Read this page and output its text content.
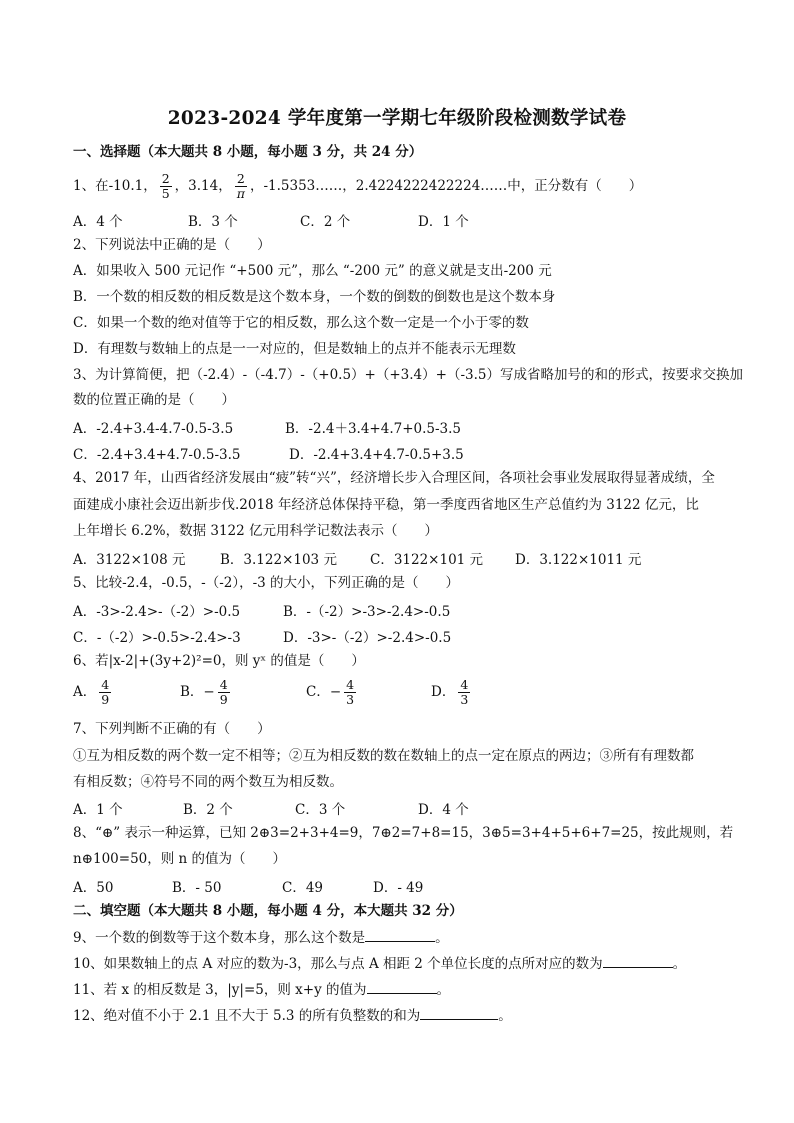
2023-2024 学年度第一学期七年级阶段检测数学试卷
一、选择题（本大题共 8 小题，每小题 3 分，共 24 分）
1、在-10.1， $\frac{2}{5}$ ，3.14， $\frac{2}{\pi}$ ，-1.5353……，2.4224222422224……中，正分数有（　　）
A．4 个	B．3 个	C．2 个	D．1 个
2、下列说法中正确的是（　　）
A．如果收入 500 元记作 “+500 元”，那么 “-200 元” 的意义就是支出-200 元
B．一个数的相反数的相反数是这个数本身，一个数的倒数的倒数也是这个数本身
C．如果一个数的绝对值等于它的相反数，那么这个数一定是一个小于零的数
D．有理数与数轴上的点是一一对应的，但是数轴上的点并不能表示无理数
3、为计算简便，把（-2.4）-（-4.7）-（+0.5）+（+3.4）+（-3.5）写成省略加号的和的形式，按要求交换加
数的位置正确的是（　　）
A．-2.4+3.4-4.7-0.5-3.5	B．-2.4＋3.4+4.7+0.5-3.5
C．-2.4+3.4+4.7-0.5-3.5	D．-2.4+3.4+4.7-0.5+3.5
4、2017 年，山西省经济发展由“疲”转“兴”，经济增长步入合理区间，各项社会事业发展取得显著成绩，全
面建成小康社会迈出新步伐.2018 年经济总体保持平稳，第一季度西省地区生产总值约为 3122 亿元，比
上年增长 6.2%，数据 3122 亿元用科学记数法表示（　　）
A．3122×108 元	B．3.122×103 元 C．3122×101 元 D．3.122×1011 元
5、比较-2.4，-0.5，-（-2），-3 的大小，下列正确的是（　　）
A．-3>-2.4>-（-2）>-0.5	B．-（-2）>-3>-2.4>-0.5
C．-（-2）>-0.5>-2.4>-3	D．-3>-（-2）>-2.4>-0.5
6、若|x-2|+(3y+2)²=0，则 yˣ 的值是（　　）
A． $\frac{4}{9}$	B．− $\frac{4}{9}$	C．− $\frac{4}{3}$	D． $\frac{4}{3}$
7、下列判断不正确的有（　　）
①互为相反数的两个数一定不相等；②互为相反数的数在数轴上的点一定在原点的两边；③所有有理数都
有相反数；④符号不同的两个数互为相反数。
A．1 个	B．2 个	C．3 个	D．4 个
8、“⊕” 表示一种运算，已知 2⊕3=2+3+4=9，7⊕2=7+8=15，3⊕5=3+4+5+6+7=25，按此规则，若
n⊕100=50，则 n 的值为（　　）
A．50	B．- 50	C．49	D．- 49
二、填空题（本大题共 8 小题，每小题 4 分，本大题共 32 分）
9、一个数的倒数等于这个数本身，那么这个数是	。
10、如果数轴上的点 A 对应的数为-3，那么与点 A 相距 2 个单位长度的点所对应的数为	。
11、若 x 的相反数是 3，|y|=5，则 x+y 的值为	。
12、绝对值不小于 2.1 且不大于 5.3 的所有负整数的和为	。
